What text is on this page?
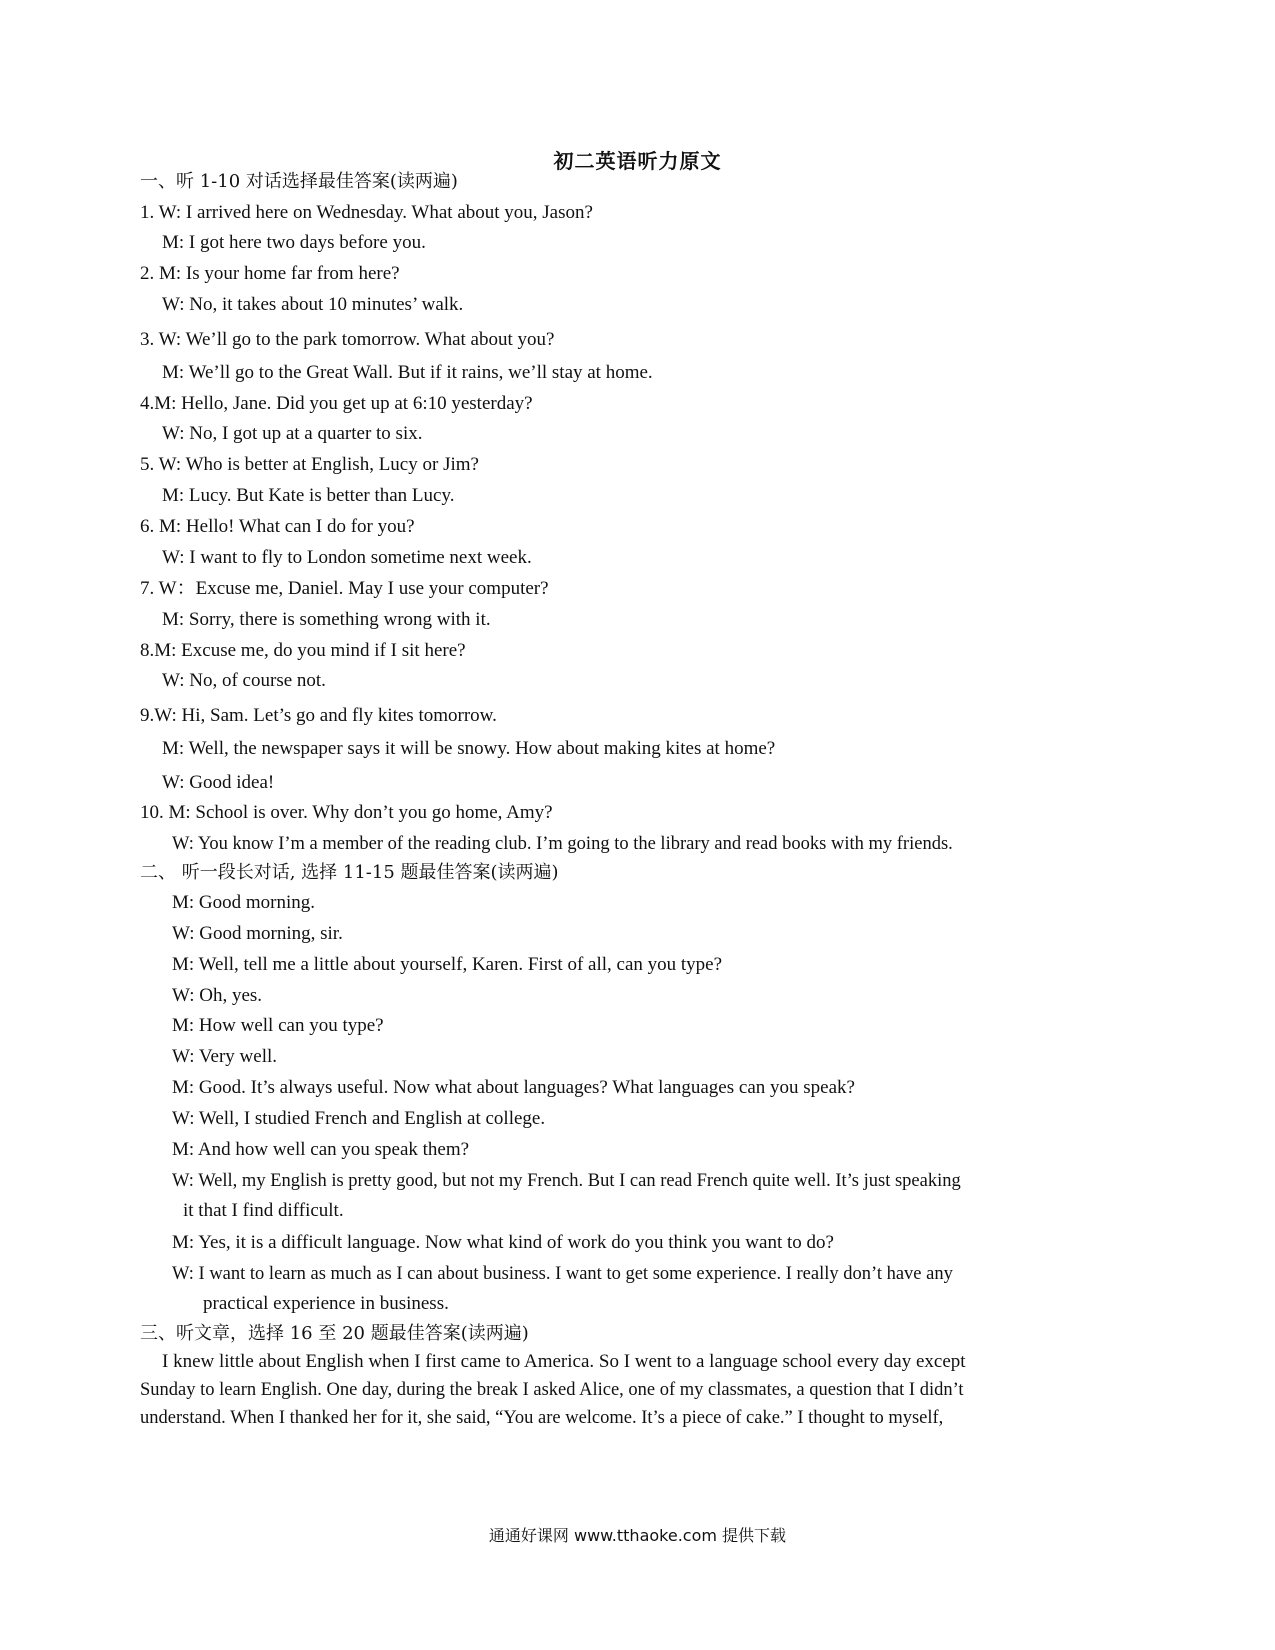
初二英语听力原文
一、听 1-10 对话选择最佳答案(读两遍)
1. W: I arrived here on Wednesday. What about you, Jason?
M: I got here two days before you.
2. M: Is your home far from here?
W: No, it takes about 10 minutes’ walk.
3. W: We’ll go to the park tomorrow. What about you?
M: We’ll go to the Great Wall. But if it rains, we’ll stay at home.
4.M: Hello, Jane. Did you get up at 6:10 yesterday?
W: No, I got up at a quarter to six.
5. W: Who is better at English, Lucy or Jim?
M: Lucy. But Kate is better than Lucy.
6. M: Hello! What can I do for you?
W: I want to fly to London sometime next week.
7. W：Excuse me, Daniel. May I use your computer?
M: Sorry, there is something wrong with it.
8.M: Excuse me, do you mind if I sit here?
W: No, of course not.
9.W: Hi, Sam. Let’s go and fly kites tomorrow.
M: Well, the newspaper says it will be snowy. How about making kites at home?
W: Good idea!
10. M: School is over. Why don’t you go home, Amy?
W: You know I’m a member of the reading club. I’m going to the library and read books with my friends.
二、 听一段长对话, 选择 11-15 题最佳答案(读两遍)
M: Good morning.
W: Good morning, sir.
M: Well, tell me a little about yourself, Karen. First of all, can you type?
W: Oh, yes.
M: How well can you type?
W: Very well.
M: Good. It’s always useful. Now what about languages? What languages can you speak?
W: Well, I studied French and English at college.
M: And how well can you speak them?
W: Well, my English is pretty good, but not my French. But I can read French quite well. It’s just speaking
it that I find difficult.
M: Yes, it is a difficult language. Now what kind of work do you think you want to do?
W: I want to learn as much as I can about business. I want to get some experience. I really don’t have any
practical experience in business.
三、听文章，选择 16 至 20 题最佳答案(读两遍)
I knew little about English when I first came to America. So I went to a language school every day except
Sunday to learn English. One day, during the break I asked Alice, one of my classmates, a question that I didn’t
understand. When I thanked her for it, she said, “You are welcome. It’s a piece of cake.” I thought to myself,
通通好课网 www.tthaoke.com 提供下载
